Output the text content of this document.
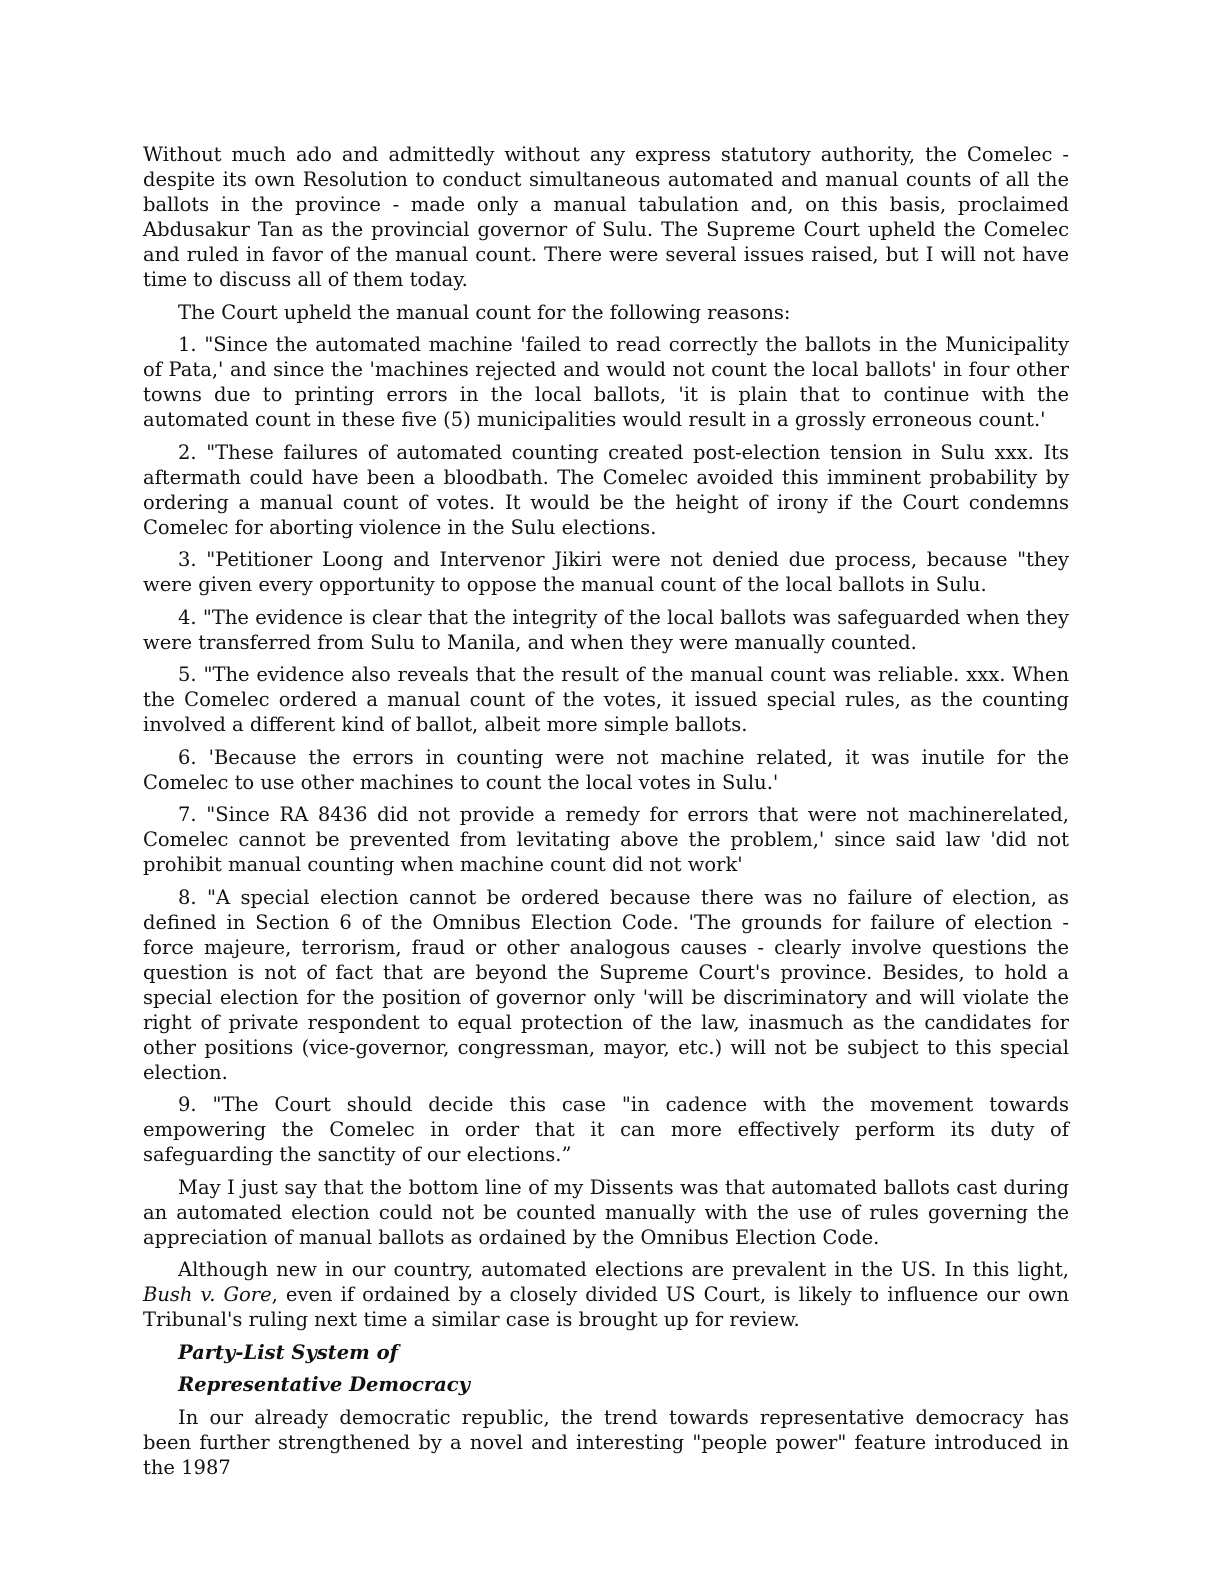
Without much ado and admittedly without any express statutory authority, the Comelec - despite its own Resolution to conduct simultaneous automated and manual counts of all the ballots in the province - made only a manual tabulation and, on this basis, proclaimed Abdusakur Tan as the provincial governor of Sulu. The Supreme Court upheld the Comelec and ruled in favor of the manual count. There were several issues raised, but I will not have time to discuss all of them today.

The Court upheld the manual count for the following reasons:

1. "Since the automated machine 'failed to read correctly the ballots in the Municipality of Pata,' and since the 'machines rejected and would not count the local ballots' in four other towns due to printing errors in the local ballots, 'it is plain that to continue with the automated count in these five (5) municipalities would result in a grossly erroneous count.'

2. "These failures of automated counting created post-election tension in Sulu xxx. Its aftermath could have been a bloodbath. The Comelec avoided this imminent probability by ordering a manual count of votes. It would be the height of irony if the Court condemns Comelec for aborting violence in the Sulu elections.

3. "Petitioner Loong and Intervenor Jikiri were not denied due process, because "they were given every opportunity to oppose the manual count of the local ballots in Sulu.

4. "The evidence is clear that the integrity of the local ballots was safeguarded when they were transferred from Sulu to Manila, and when they were manually counted.

5. "The evidence also reveals that the result of the manual count was reliable. xxx. When the Comelec ordered a manual count of the votes, it issued special rules, as the counting involved a different kind of ballot, albeit more simple ballots.

6. 'Because the errors in counting were not machine related, it was inutile for the Comelec to use other machines to count the local votes in Sulu.'

7. "Since RA 8436 did not provide a remedy for errors that were not machinerelated, Comelec cannot be prevented from levitating above the problem,' since said law 'did not prohibit manual counting when machine count did not work'

8. "A special election cannot be ordered because there was no failure of election, as defined in Section 6 of the Omnibus Election Code. 'The grounds for failure of election - force majeure, terrorism, fraud or other analogous causes - clearly involve questions the question is not of fact that are beyond the Supreme Court's province. Besides, to hold a special election for the position of governor only 'will be discriminatory and will violate the right of private respondent to equal protection of the law, inasmuch as the candidates for other positions (vice-governor, congressman, mayor, etc.) will not be subject to this special election.

9. "The Court should decide this case "in cadence with the movement towards empowering the Comelec in order that it can more effectively perform its duty of safeguarding the sanctity of our elections.”

May I just say that the bottom line of my Dissents was that automated ballots cast during an automated election could not be counted manually with the use of rules governing the appreciation of manual ballots as ordained by the Omnibus Election Code.

Although new in our country, automated elections are prevalent in the US. In this light, Bush v. Gore, even if ordained by a closely divided US Court, is likely to influence our own Tribunal's ruling next time a similar case is brought up for review.

Party-List System of
Representative Democracy

In our already democratic republic, the trend towards representative democracy has been further strengthened by a novel and interesting "people power" feature introduced in the 1987
